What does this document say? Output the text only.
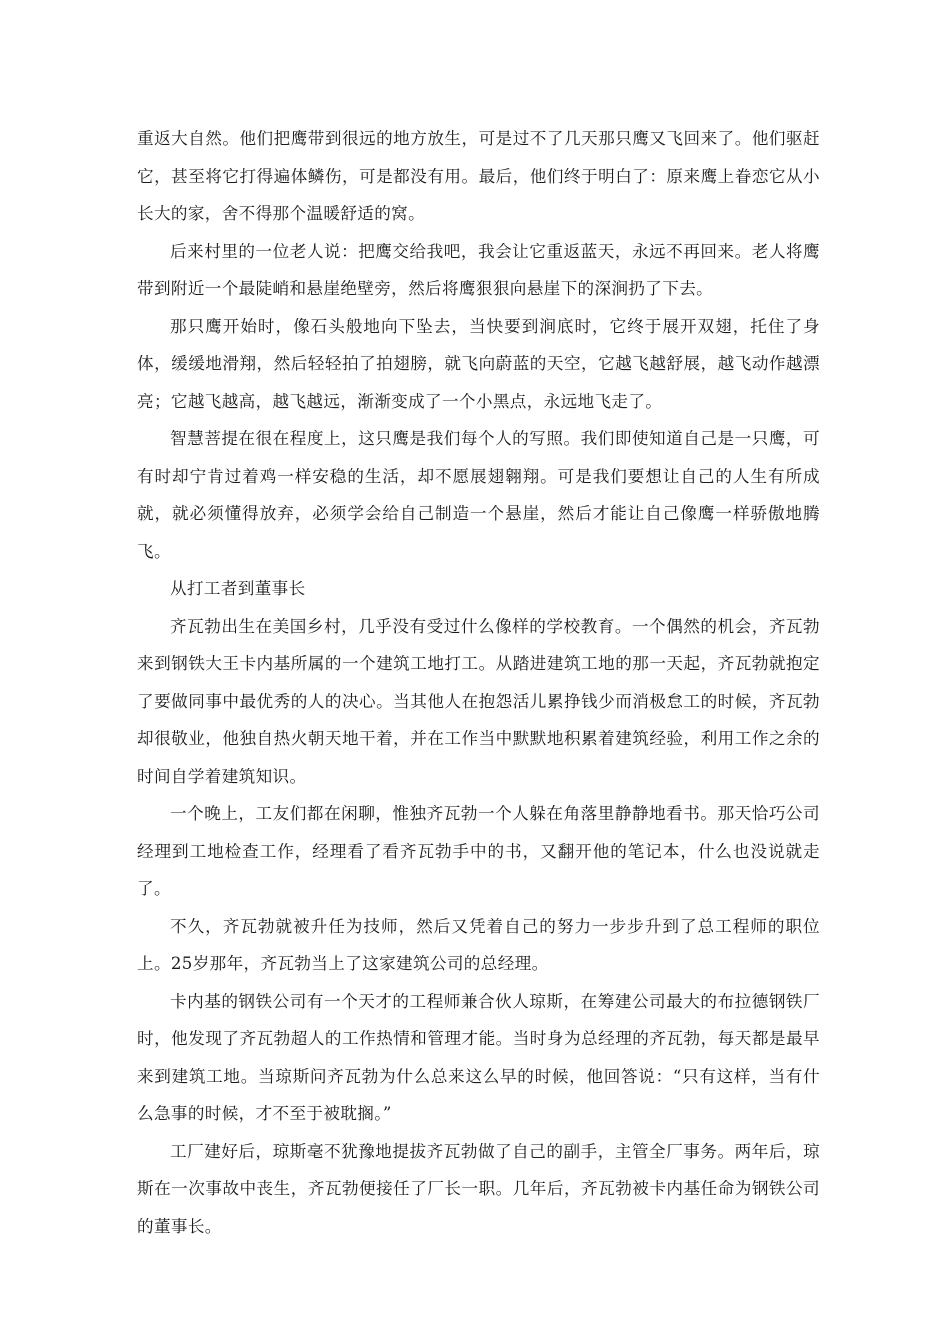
重返大自然。他们把鹰带到很远的地方放生，可是过不了几天那只鹰又飞回来了。他们驱赶它，甚至将它打得遍体鳞伤，可是都没有用。最后，他们终于明白了：原来鹰上眷恋它从小长大的家，舍不得那个温暖舒适的窝。

后来村里的一位老人说：把鹰交给我吧，我会让它重返蓝天，永远不再回来。老人将鹰带到附近一个最陡峭和悬崖绝壁旁，然后将鹰狠狠向悬崖下的深涧扔了下去。

那只鹰开始时，像石头般地向下坠去，当快要到涧底时，它终于展开双翅，托住了身体，缓缓地滑翔，然后轻轻拍了拍翅膀，就飞向蔚蓝的天空，它越飞越舒展，越飞动作越漂亮；它越飞越高，越飞越远，渐渐变成了一个小黑点，永远地飞走了。

智慧菩提在很在程度上，这只鹰是我们每个人的写照。我们即使知道自己是一只鹰，可有时却宁肯过着鸡一样安稳的生活，却不愿展翅翱翔。可是我们要想让自己的人生有所成就，就必须懂得放弃，必须学会给自己制造一个悬崖，然后才能让自己像鹰一样骄傲地腾飞。

从打工者到董事长

齐瓦勃出生在美国乡村，几乎没有受过什么像样的学校教育。一个偶然的机会，齐瓦勃来到钢铁大王卡内基所属的一个建筑工地打工。从踏进建筑工地的那一天起，齐瓦勃就抱定了要做同事中最优秀的人的决心。当其他人在抱怨活儿累挣钱少而消极怠工的时候，齐瓦勃却很敬业，他独自热火朝天地干着，并在工作当中默默地积累着建筑经验，利用工作之余的时间自学着建筑知识。

一个晚上，工友们都在闲聊，惟独齐瓦勃一个人躲在角落里静静地看书。那天恰巧公司经理到工地检查工作，经理看了看齐瓦勃手中的书，又翻开他的笔记本，什么也没说就走了。

不久，齐瓦勃就被升任为技师，然后又凭着自己的努力一步步升到了总工程师的职位上。25岁那年，齐瓦勃当上了这家建筑公司的总经理。

卡内基的钢铁公司有一个天才的工程师兼合伙人琼斯，在筹建公司最大的布拉德钢铁厂时，他发现了齐瓦勃超人的工作热情和管理才能。当时身为总经理的齐瓦勃，每天都是最早来到建筑工地。当琼斯问齐瓦勃为什么总来这么早的时候，他回答说：“只有这样，当有什么急事的时候，才不至于被耽搁。”

工厂建好后，琼斯毫不犹豫地提拔齐瓦勃做了自己的副手，主管全厂事务。两年后，琼斯在一次事故中丧生，齐瓦勃便接任了厂长一职。几年后，齐瓦勃被卡内基任命为钢铁公司的董事长。
